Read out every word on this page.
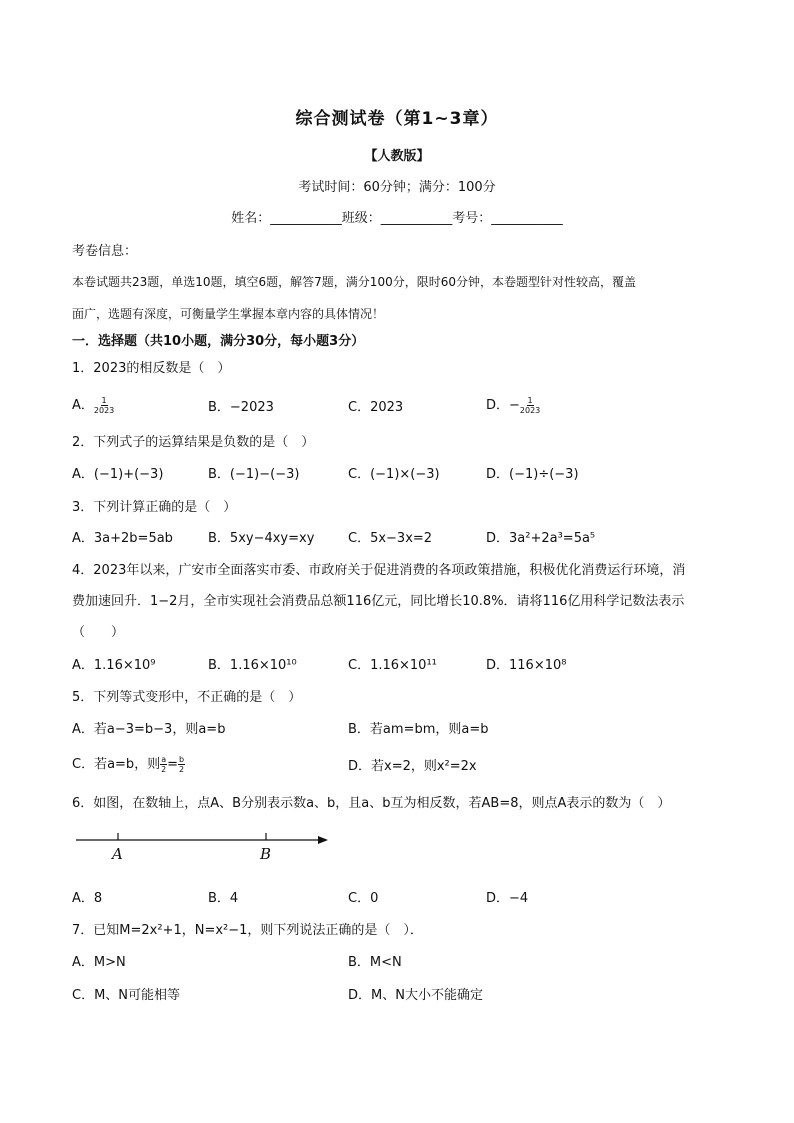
综合测试卷（第1~3章）
【人教版】
考试时间：60分钟；满分：100分
姓名：___________班级：___________考号：___________
考卷信息：
本卷试题共23题，单选10题，填空6题，解答7题，满分100分，限时60分钟，本卷题型针对性较高，覆盖
面广，选题有深度，可衡量学生掌握本章内容的具体情况！
一．选择题（共10小题，满分30分，每小题3分）
1．2023的相反数是（　）
A． $\frac{1}{2023}$	B．−2023	C．2023	D．− $\frac{1}{2023}$
2．下列式子的运算结果是负数的是（　）
A．(−1)+(−3)	B．(−1)−(−3)	C．(−1)×(−3)	D．(−1)÷(−3)
3．下列计算正确的是（　）
A．3a+2b=5ab	B．5xy−4xy=xy	C．5x−3x=2	D．3a²+2a³=5a⁵
4．2023年以来，广安市全面落实市委、市政府关于促进消费的各项政策措施，积极优化消费运行环境，消
费加速回升．1−2月，全市实现社会消费品总额116亿元，同比增长10.8%．请将116亿用科学记数法表示
（　　）
A．1.16×10⁹	B．1.16×10¹⁰	C．1.16×10¹¹	D．116×10⁸
5．下列等式变形中，不正确的是（　）
A．若a−3=b−3，则a=b	B．若am=bm，则a=b
C．若a=b，则 $\frac{a}{2} = \frac{b}{2}$	D．若x=2，则x²=2x
6．如图，在数轴上，点A、B分别表示数a、b，且a、b互为相反数，若AB=8，则点A表示的数为（　）
A	B
A．8	B．4	C．0	D．−4
7．已知M=2x²+1，N=x²−1，则下列说法正确的是（　）．
A．M>N	B．M<N
C．M、N可能相等	D．M、N大小不能确定
